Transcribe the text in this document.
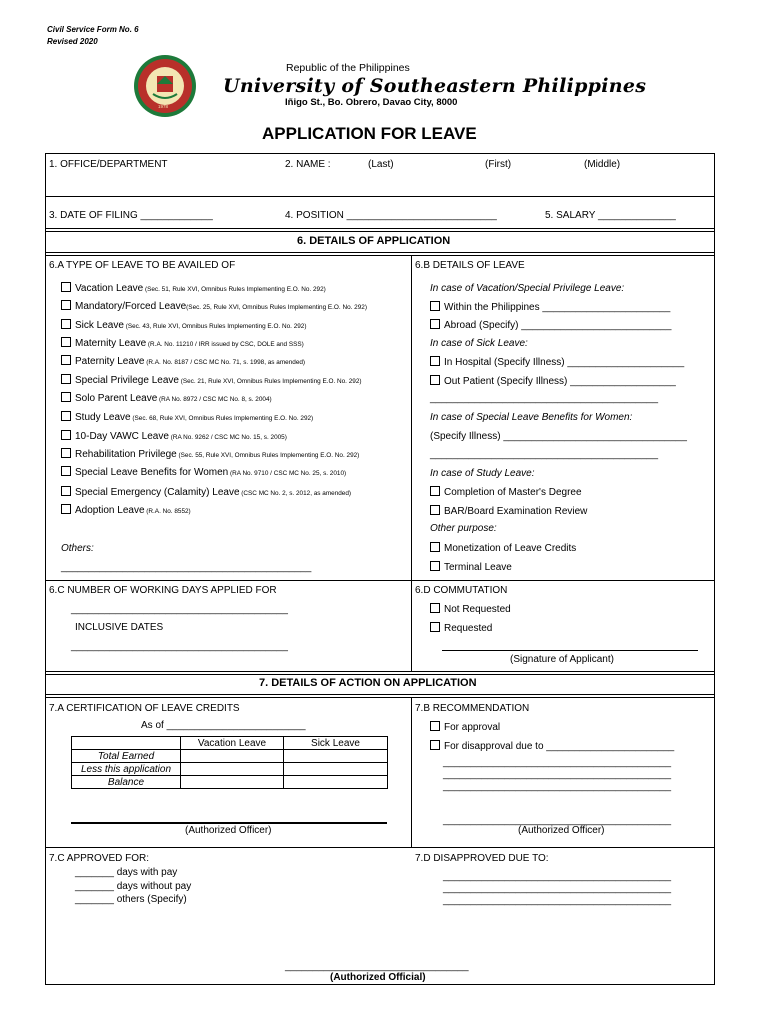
Civil Service Form No. 6
Revised 2020
1978
Republic of the Philippines
University of Southeastern Philippines
Iñigo St., Bo. Obrero, Davao City, 8000
APPLICATION FOR LEAVE
1. OFFICE/DEPARTMENT	2. NAME :	(Last)	(First)	(Middle)
3. DATE OF FILING _____________	4. POSITION ___________________________	5. SALARY ______________
6. DETAILS OF APPLICATION
6.A TYPE OF LEAVE TO BE AVAILED OF	6.B DETAILS OF LEAVE
Vacation Leave (Sec. 51, Rule XVI, Omnibus Rules Implementing E.O. No. 292)
Mandatory/Forced Leave(Sec. 25, Rule XVI, Omnibus Rules Implementing E.O. No. 292)
Sick Leave (Sec. 43, Rule XVI, Omnibus Rules Implementing E.O. No. 292)
Maternity Leave (R.A. No. 11210 / IRR issued by CSC, DOLE and SSS)
Paternity Leave (R.A. No. 8187 / CSC MC No. 71, s. 1998, as amended)
Special Privilege Leave (Sec. 21, Rule XVI, Omnibus Rules Implementing E.O. No. 292)
Solo Parent Leave (RA No. 8972 / CSC MC No. 8, s. 2004)
Study Leave (Sec. 68, Rule XVI, Omnibus Rules Implementing E.O. No. 292)
10-Day VAWC Leave (RA No. 9262 / CSC MC No. 15, s. 2005)
Rehabilitation Privilege (Sec. 55, Rule XVI, Omnibus Rules Implementing E.O. No. 292)
Special Leave Benefits for Women (RA No. 9710 / CSC MC No. 25, s. 2010)
Special Emergency (Calamity) Leave (CSC MC No. 2, s. 2012, as amended)
Adoption Leave (R.A. No. 8552)
Others:
_____________________________________________
In case of Vacation/Special Privilege Leave:
Within the Philippines _______________________
Abroad (Specify) ___________________________
In case of Sick Leave:
In Hospital (Specify Illness) _____________________
Out Patient (Specify Illness) ___________________
_________________________________________
In case of Special Leave Benefits for Women:
(Specify Illness) _________________________________
_________________________________________
In case of Study Leave:
Completion of Master's Degree
BAR/Board Examination Review
Other purpose:
Monetization of Leave Credits
Terminal Leave
6.C NUMBER OF WORKING DAYS APPLIED FOR
_______________________________________
INCLUSIVE DATES
_______________________________________
6.D COMMUTATION
Not Requested
Requested
(Signature of Applicant)
7. DETAILS OF ACTION ON APPLICATION
7.A CERTIFICATION OF LEAVE CREDITS
As of _________________________
	Vacation Leave	Sick Leave
Total Earned		
Less this application		
Balance		
(Authorized Officer)
7.B RECOMMENDATION
For approval
For disapproval due to _______________________
_________________________________________
_________________________________________
_________________________________________
_________________________________________
(Authorized Officer)
7.C APPROVED FOR:
_______ days with pay
_______ days without pay
_______ others (Specify)
7.D DISAPPROVED DUE TO:
_________________________________________
_________________________________________
_________________________________________
_________________________________
(Authorized Official)
